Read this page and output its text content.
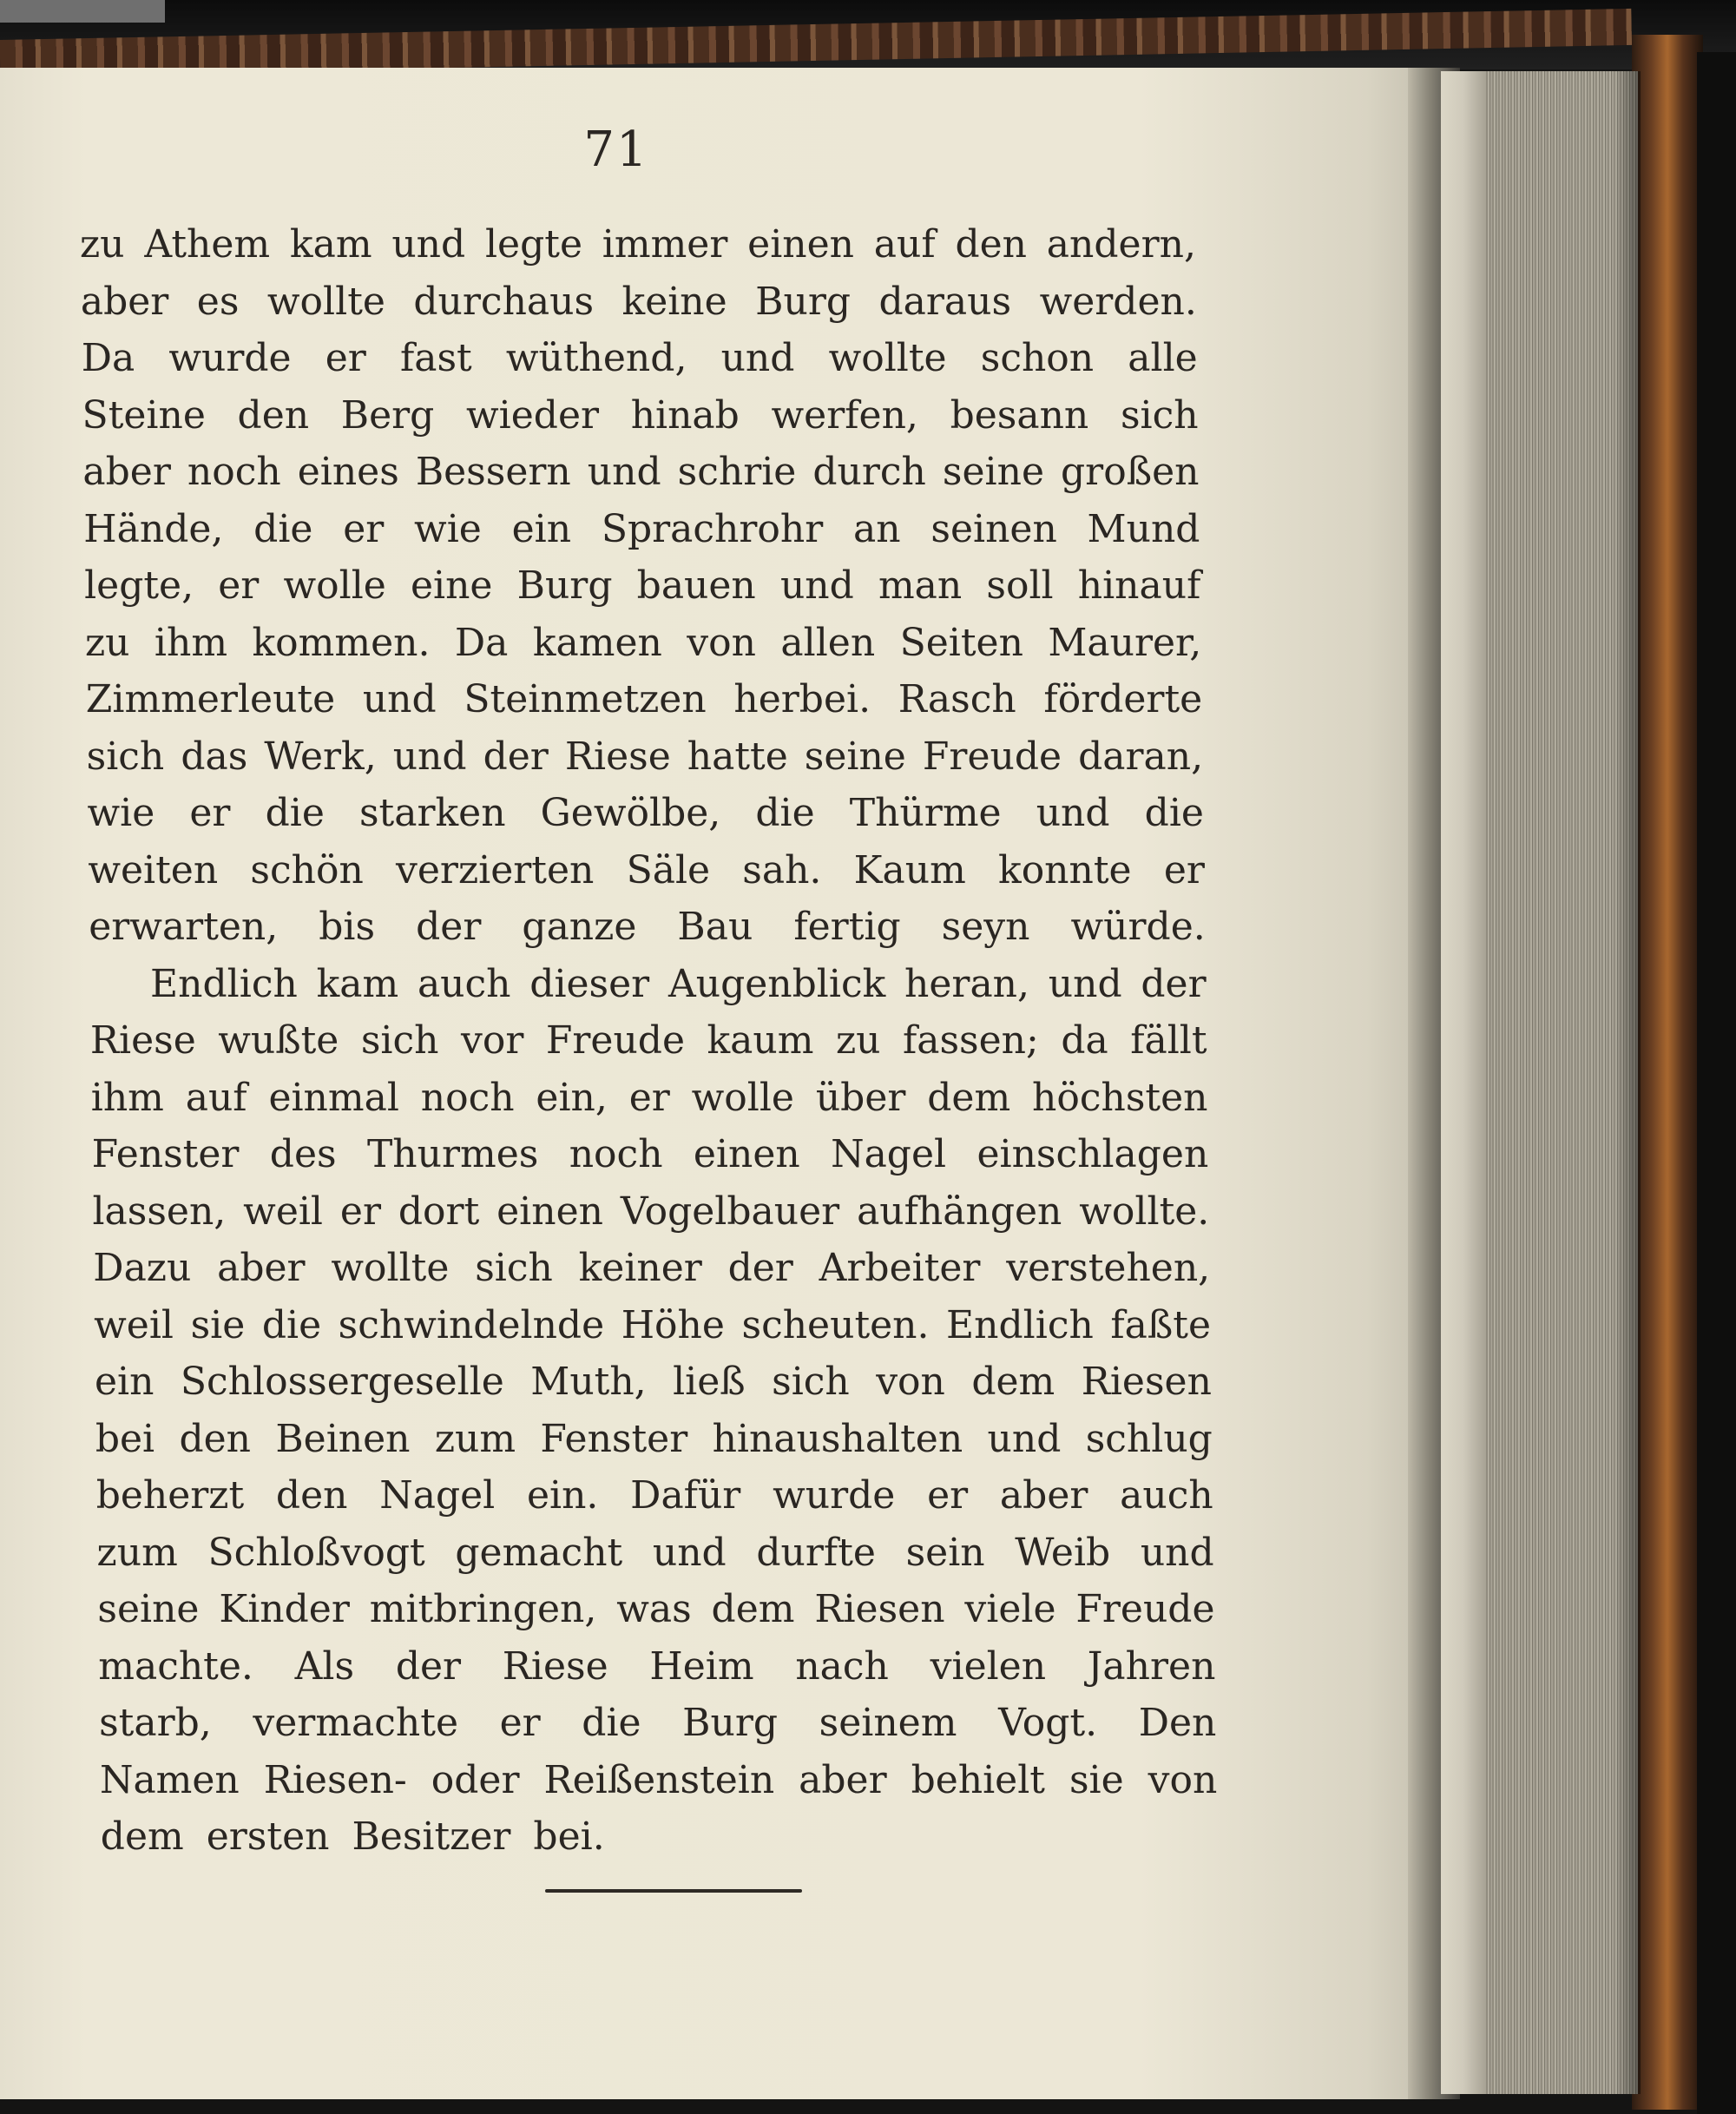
71
zu Athem kam und legte immer einen auf den andern,
aber es wollte durchaus keine Burg daraus werden.
Da wurde er fast wüthend, und wollte schon alle
Steine den Berg wieder hinab werfen, besann sich
aber noch eines Bessern und schrie durch seine großen
Hände, die er wie ein Sprachrohr an seinen Mund
legte, er wolle eine Burg bauen und man soll hinauf
zu ihm kommen. Da kamen von allen Seiten Maurer,
Zimmerleute und Steinmetzen herbei. Rasch förderte
sich das Werk, und der Riese hatte seine Freude daran,
wie er die starken Gewölbe, die Thürme und die
weiten schön verzierten Säle sah. Kaum konnte er
erwarten, bis der ganze Bau fertig seyn würde.
Endlich kam auch dieser Augenblick heran, und der
Riese wußte sich vor Freude kaum zu fassen; da fällt
ihm auf einmal noch ein, er wolle über dem höchsten
Fenster des Thurmes noch einen Nagel einschlagen
lassen, weil er dort einen Vogelbauer aufhängen wollte.
Dazu aber wollte sich keiner der Arbeiter verstehen,
weil sie die schwindelnde Höhe scheuten. Endlich faßte
ein Schlossergeselle Muth, ließ sich von dem Riesen
bei den Beinen zum Fenster hinaushalten und schlug
beherzt den Nagel ein. Dafür wurde er aber auch
zum Schloßvogt gemacht und durfte sein Weib und
seine Kinder mitbringen, was dem Riesen viele Freude
machte. Als der Riese Heim nach vielen Jahren
starb, vermachte er die Burg seinem Vogt. Den
Namen Riesen- oder Reißenstein aber behielt sie von
dem ersten Besitzer bei.
